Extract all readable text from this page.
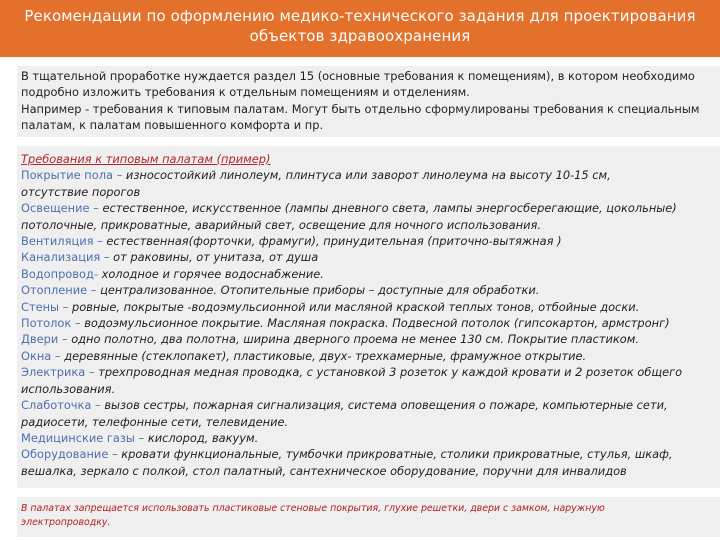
Рекомендации по оформлению медико-технического задания для проектирования
объектов здравоохранения
В тщательной проработке нуждается раздел 15 (основные требования к помещениям), в котором необходимо
подробно изложить требования к отдельным помещениям и отделениям.
Например - требования к типовым палатам. Могут быть отдельно сформулированы требования к специальным
палатам, к палатам повышенного комфорта и пр.
Требования к типовым палатам (пример)
Покрытие пола – износостойкий линолеум, плинтуса или заворот линолеума на высоту 10-15 см,
отсутствие порогов
Освещение – естественное, искусственное (лампы дневного света, лампы энергосберегающие, цокольные)
потолочные, прикроватные, аварийный свет, освещение для ночного использования.
Вентиляция – естественная(форточки, фрамуги), принудительная (приточно-вытяжная )
Канализация – от раковины, от унитаза, от душа
Водопровод- холодное и горячее водоснабжение.
Отопление – централизованное. Отопительные приборы – доступные для обработки.
Стены – ровные, покрытые -водоэмульсионной или масляной краской теплых тонов, отбойные доски.
Потолок – водоэмульсионное покрытие. Масляная покраска. Подвесной потолок (гипсокартон, армстронг)
Двери – одно полотно, два полотна, ширина дверного проема не менее 130 см. Покрытие пластиком.
Окна – деревянные (стеклопакет), пластиковые, двух- трехкамерные, фрамужное открытие.
Электрика – трехпроводная медная проводка, с установкой 3 розеток у каждой кровати и 2 розеток общего
использования.
Слаботочка – вызов сестры, пожарная сигнализация, система оповещения о пожаре, компьютерные сети,
радиосети, телефонные сети, телевидение.
Медицинские газы – кислород, вакуум.
Оборудование – кровати функциональные, тумбочки прикроватные, столики прикроватные, стулья, шкаф,
вешалка, зеркало с полкой, стол палатный, сантехническое оборудование, поручни для инвалидов
В палатах запрещается использовать пластиковые стеновые покрытия, глухие решетки, двери с замком, наружную
электропроводку.
